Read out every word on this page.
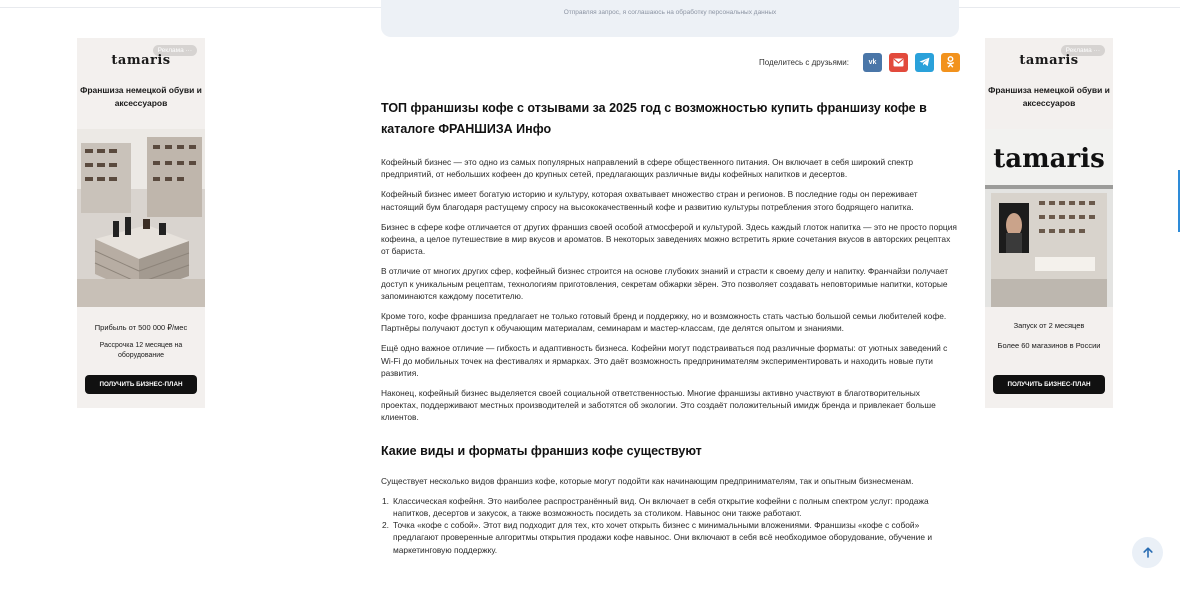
Отправляя запрос, я соглашаюсь на обработку персональных данных
Поделитесь с друзьями:	vk
ТОП франшизы кофе с отзывами за 2025 год с возможностью купить франшизу кофе в каталоге ФРАНШИЗА Инфо

Кофейный бизнес — это одно из самых популярных направлений в сфере общественного питания. Он включает в себя широкий спектр предприятий, от небольших кофеен до крупных сетей, предлагающих различные виды кофейных напитков и десертов.

Кофейный бизнес имеет богатую историю и культуру, которая охватывает множество стран и регионов. В последние годы он переживает настоящий бум благодаря растущему спросу на высококачественный кофе и развитию культуры потребления этого бодрящего напитка.

Бизнес в сфере кофе отличается от других франшиз своей особой атмосферой и культурой. Здесь каждый глоток напитка — это не просто порция кофеина, а целое путешествие в мир вкусов и ароматов. В некоторых заведениях можно встретить яркие сочетания вкусов в авторских рецептах от бариста.

В отличие от многих других сфер, кофейный бизнес строится на основе глубоких знаний и страсти к своему делу и напитку. Франчайзи получает доступ к уникальным рецептам, технологиям приготовления, секретам обжарки зёрен. Это позволяет создавать неповторимые напитки, которые запоминаются каждому посетителю.

Кроме того, кофе франшиза предлагает не только готовый бренд и поддержку, но и возможность стать частью большой семьи любителей кофе. Партнёры получают доступ к обучающим материалам, семинарам и мастер-классам, где делятся опытом и знаниями.

Ещё одно важное отличие — гибкость и адаптивность бизнеса. Кофейни могут подстраиваться под различные форматы: от уютных заведений с Wi-Fi до мобильных точек на фестивалях и ярмарках. Это даёт возможность предпринимателям экспериментировать и находить новые пути развития.

Наконец, кофейный бизнес выделяется своей социальной ответственностью. Многие франшизы активно участвуют в благотворительных проектах, поддерживают местных производителей и заботятся об экологии. Это создаёт положительный имидж бренда и привлекает больше клиентов.

Какие виды и форматы франшиз кофе существуют

Существует несколько видов франшиз кофе, которые могут подойти как начинающим предпринимателям, так и опытным бизнесменам.

1. Классическая кофейня. Это наиболее распространённый вид. Он включает в себя открытие кофейни с полным спектром услуг: продажа напитков, десертов и закусок, а также возможность посидеть за столиком. Навынос они также работают.
2. Точка «кофе с собой». Этот вид подходит для тех, кто хочет открыть бизнес с минимальными вложениями. Франшизы «кофе с собой» предлагают проверенные алгоритмы открытия продажи кофе навынос. Они включают в себя всё необходимое оборудование, обучение и маркетинговую поддержку.
Реклама ···
tamaris
Франшиза немецкой обуви и аксессуаров
Прибыль от 500 000 ₽/мес
Рассрочка 12 месяцев на оборудование
ПОЛУЧИТЬ БИЗНЕС-ПЛАН
Реклама ···
tamaris
Франшиза немецкой обуви и аксессуаров
tamaris
Запуск от 2 месяцев
Более 60 магазинов в России
ПОЛУЧИТЬ БИЗНЕС-ПЛАН
